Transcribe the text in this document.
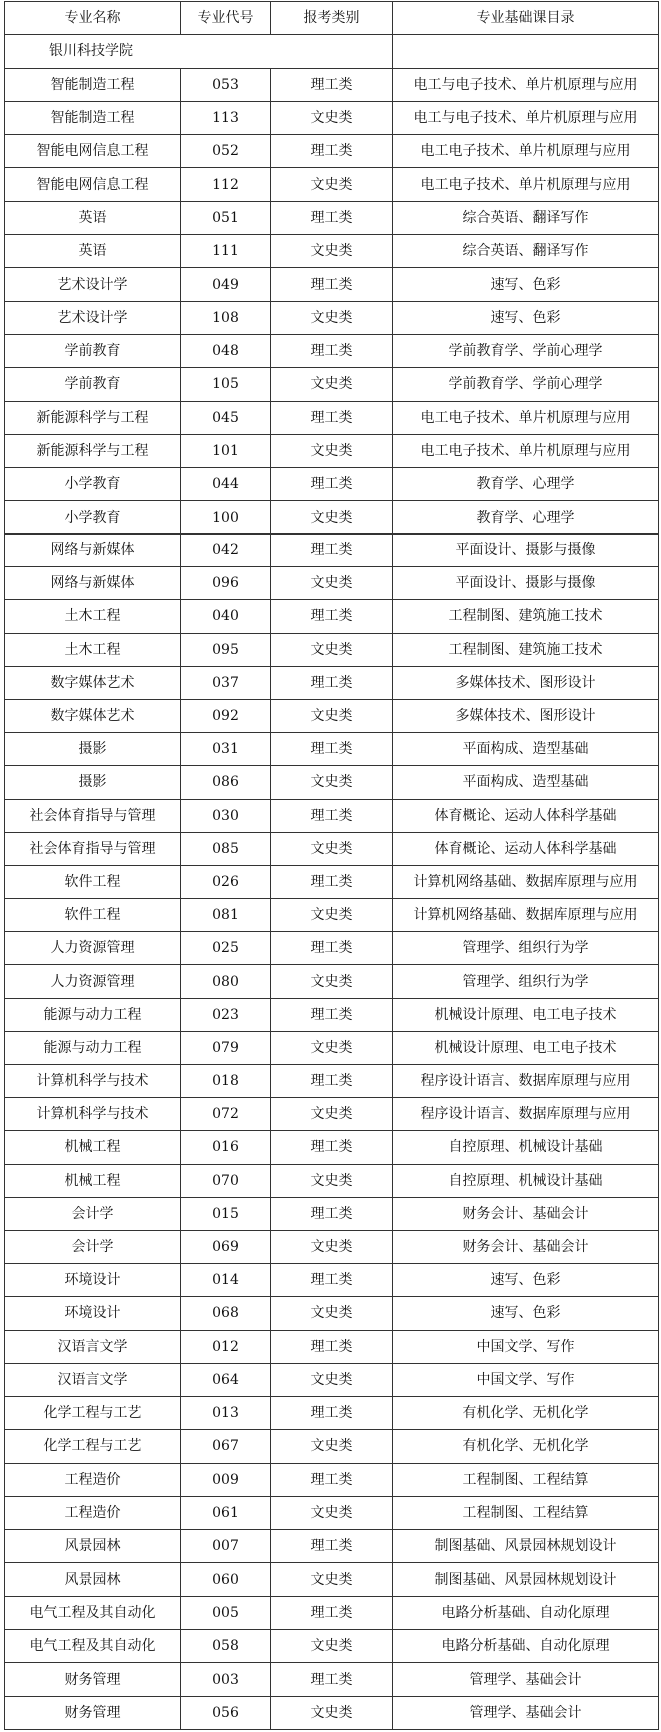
专业名称	专业代号	报考类别	专业基础课目录
银川科技学院			
智能制造工程	053	理工类	电工与电子技术、单片机原理与应用
智能制造工程	113	文史类	电工与电子技术、单片机原理与应用
智能电网信息工程	052	理工类	电工电子技术、单片机原理与应用
智能电网信息工程	112	文史类	电工电子技术、单片机原理与应用
英语	051	理工类	综合英语、翻译写作
英语	111	文史类	综合英语、翻译写作
艺术设计学	049	理工类	速写、色彩
艺术设计学	108	文史类	速写、色彩
学前教育	048	理工类	学前教育学、学前心理学
学前教育	105	文史类	学前教育学、学前心理学
新能源科学与工程	045	理工类	电工电子技术、单片机原理与应用
新能源科学与工程	101	文史类	电工电子技术、单片机原理与应用
小学教育	044	理工类	教育学、心理学
小学教育	100	文史类	教育学、心理学
网络与新媒体	042	理工类	平面设计、摄影与摄像
网络与新媒体	096	文史类	平面设计、摄影与摄像
土木工程	040	理工类	工程制图、建筑施工技术
土木工程	095	文史类	工程制图、建筑施工技术
数字媒体艺术	037	理工类	多媒体技术、图形设计
数字媒体艺术	092	文史类	多媒体技术、图形设计
摄影	031	理工类	平面构成、造型基础
摄影	086	文史类	平面构成、造型基础
社会体育指导与管理	030	理工类	体育概论、运动人体科学基础
社会体育指导与管理	085	文史类	体育概论、运动人体科学基础
软件工程	026	理工类	计算机网络基础、数据库原理与应用
软件工程	081	文史类	计算机网络基础、数据库原理与应用
人力资源管理	025	理工类	管理学、组织行为学
人力资源管理	080	文史类	管理学、组织行为学
能源与动力工程	023	理工类	机械设计原理、电工电子技术
能源与动力工程	079	文史类	机械设计原理、电工电子技术
计算机科学与技术	018	理工类	程序设计语言、数据库原理与应用
计算机科学与技术	072	文史类	程序设计语言、数据库原理与应用
机械工程	016	理工类	自控原理、机械设计基础
机械工程	070	文史类	自控原理、机械设计基础
会计学	015	理工类	财务会计、基础会计
会计学	069	文史类	财务会计、基础会计
环境设计	014	理工类	速写、色彩
环境设计	068	文史类	速写、色彩
汉语言文学	012	理工类	中国文学、写作
汉语言文学	064	文史类	中国文学、写作
化学工程与工艺	013	理工类	有机化学、无机化学
化学工程与工艺	067	文史类	有机化学、无机化学
工程造价	009	理工类	工程制图、工程结算
工程造价	061	文史类	工程制图、工程结算
风景园林	007	理工类	制图基础、风景园林规划设计
风景园林	060	文史类	制图基础、风景园林规划设计
电气工程及其自动化	005	理工类	电路分析基础、自动化原理
电气工程及其自动化	058	文史类	电路分析基础、自动化原理
财务管理	003	理工类	管理学、基础会计
财务管理	056	文史类	管理学、基础会计
